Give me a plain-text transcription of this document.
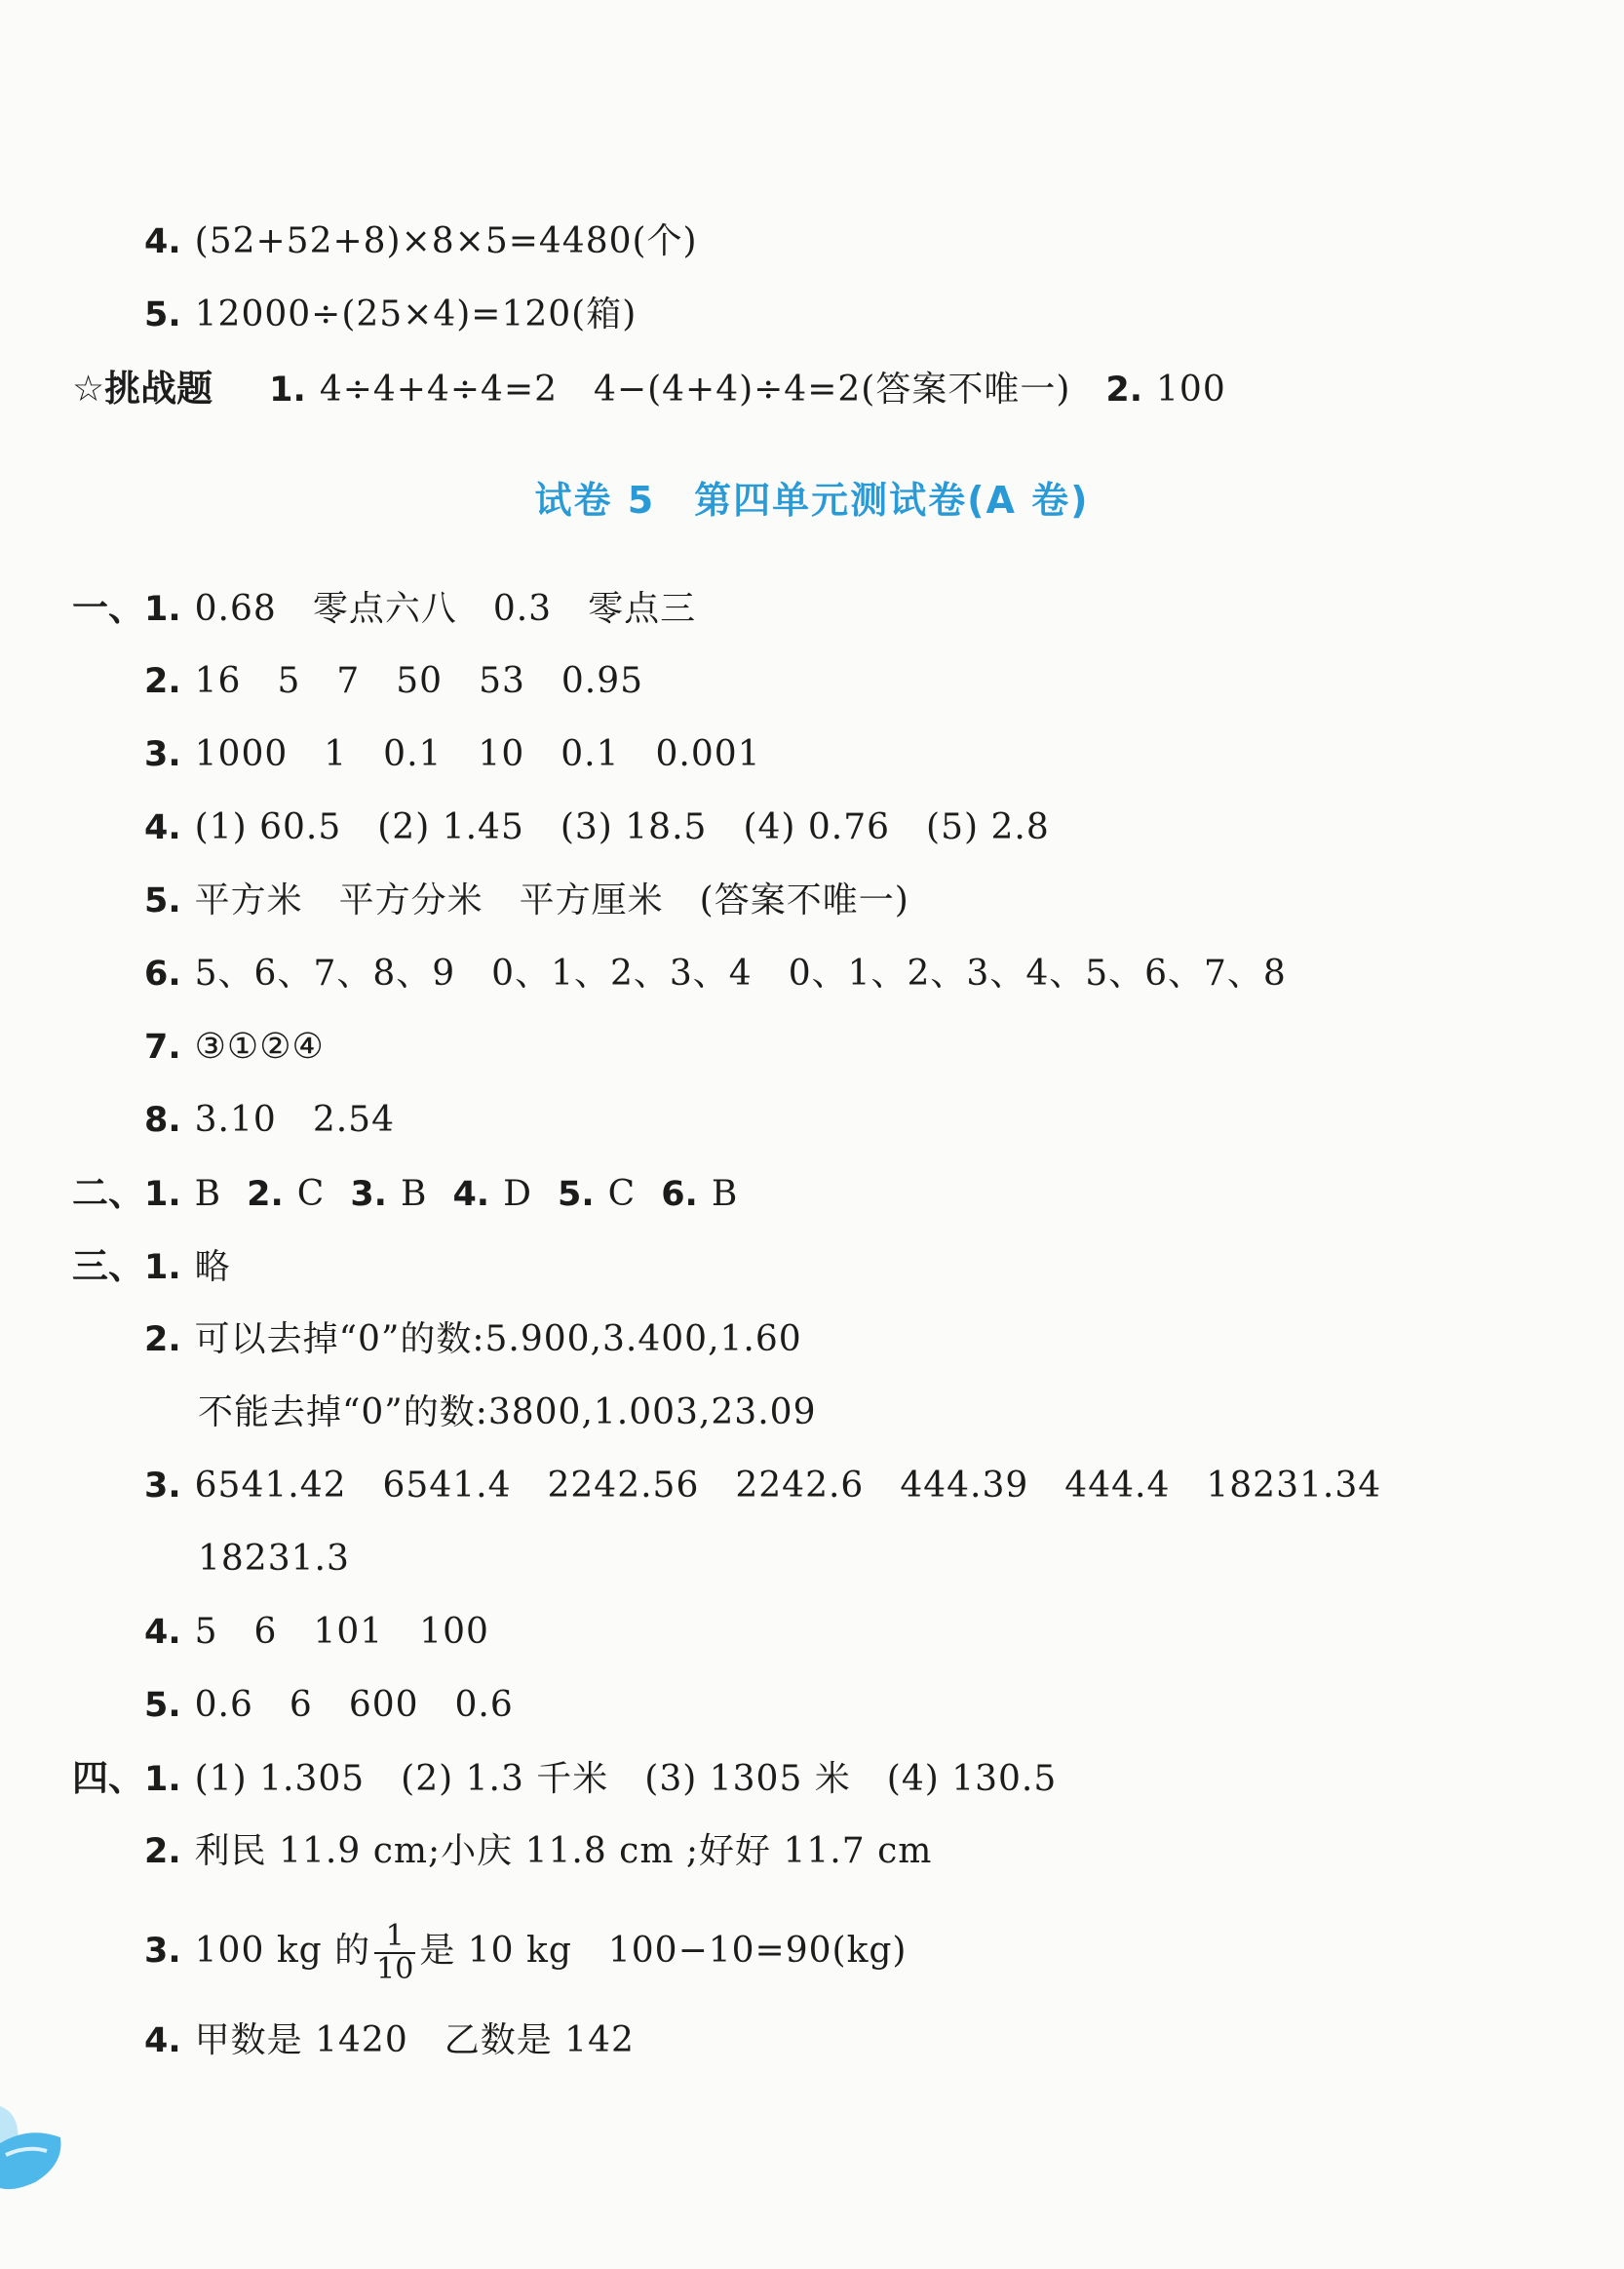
4. (52+52+8)×8×5=4480(个)
5. 12000÷(25×4)=120(箱)
☆挑战题 1. 4÷4+4÷4=2　4−(4+4)÷4=2(答案不唯一) 2. 100
试卷 5　第四单元测试卷(A 卷)
一、1. 0.68　零点六八　0.3　零点三
2. 16　5　7　50　53　0.95
3. 1000　1　0.1　10　0.1　0.001
4. (1) 60.5　(2) 1.45　(3) 18.5　(4) 0.76　(5) 2.8
5. 平方米　平方分米　平方厘米　(答案不唯一)
6. 5、6、7、8、9　0、1、2、3、4　0、1、2、3、4、5、6、7、8
7. ③①②④
8. 3.10　2.54
二、1. B 2. C 3. B 4. D 5. C 6. B
三、1. 略
2. 可以去掉“0”的数:5.900,3.400,1.60
不能去掉“0”的数:3800,1.003,23.09
3. 6541.42　6541.4　2242.56　2242.6　444.39　444.4　18231.34
18231.3
4. 5　6　101　100
5. 0.6　6　600　0.6
四、1. (1) 1.305　(2) 1.3 千米　(3) 1305 米　(4) 130.5
2. 利民 11.9 cm;小庆 11.8 cm ;好好 11.7 cm
3. 100 kg 的 $\frac{1}{10}$ 是 10 kg　100−10=90(kg)
4. 甲数是 1420　乙数是 142
